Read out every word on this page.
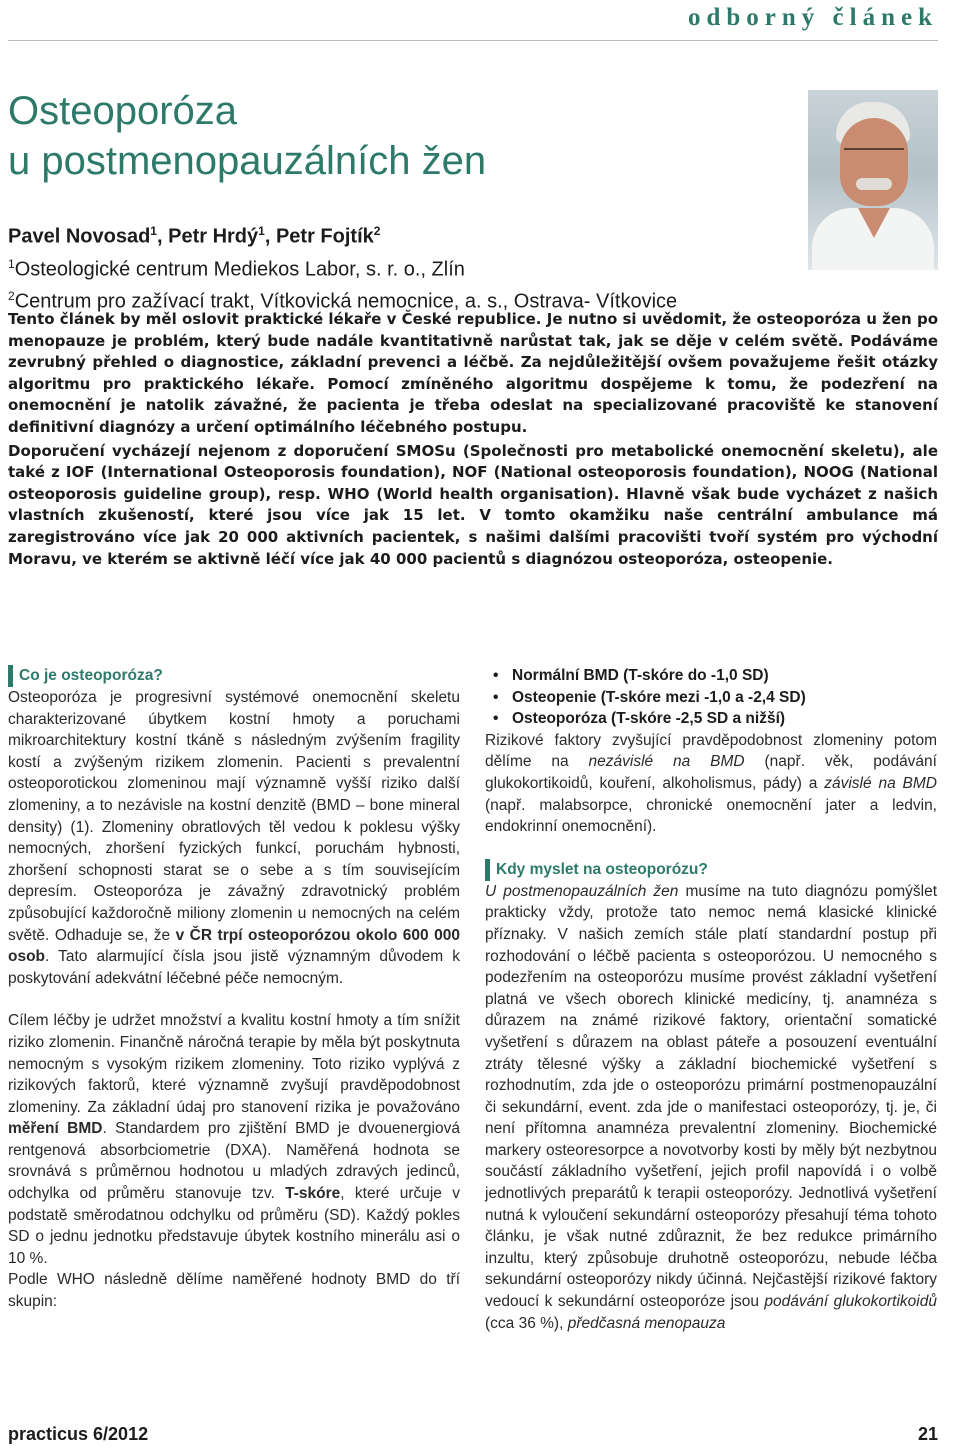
odborný článek
Osteoporóza
u postmenopauzálních žen
Pavel Novosad$^1$, Petr Hrdý$^1$, Petr Fojtík$^2$
$^1$Osteologické centrum Mediekos Labor, s. r. o., Zlín
$^2$Centrum pro zažívací trakt, Vítkovická nemocnice, a. s., Ostrava- Vítkovice

Tento článek by měl oslovit praktické lékaře v České republice. Je nutno si uvědomit, že osteoporóza u žen po menopauze je problém, který bude nadále kvantitativně narůstat tak, jak se děje v celém světě. Podáváme zevrubný přehled o diagnostice, základní prevenci a léčbě. Za nejdůležitější ovšem považujeme řešit otázky algoritmu pro praktického lékaře. Pomocí zmíněného algoritmu dospějeme k tomu, že podezření na onemocnění je natolik závažné, že pacienta je třeba odeslat na specializované pracoviště ke stanovení definitivní diagnózy a určení optimálního léčebného postupu.

Doporučení vycházejí nejenom z doporučení SMOSu (Společnosti pro metabolické onemocnění skeletu), ale také z IOF (International Osteoporosis foundation), NOF (National osteoporosis foundation), NOOG (National osteoporosis guideline group), resp. WHO (World health organisation). Hlavně však bude vycházet z našich vlastních zkušeností, které jsou více jak 15 let. V tomto okamžiku naše centrální ambulance má zaregistrováno více jak 20 000 aktivních pacientek, s našimi dalšími pracovišti tvoří systém pro východní Moravu, ve kterém se aktivně léčí více jak 40 000 pacientů s diagnózou osteoporóza, osteopenie.

Co je osteoporóza?

Osteoporóza je progresivní systémové onemocnění skeletu charakterizované úbytkem kostní hmoty a poruchami mikroarchitektury kostní tkáně s následným zvýšením fragility kostí a zvýšeným rizikem zlomenin. Pacienti s prevalentní osteoporotickou zlomeninou mají významně vyšší riziko další zlomeniny, a to nezávisle na kostní denzitě (BMD – bone mineral density) (1). Zlomeniny obratlových těl vedou k poklesu výšky nemocných, zhoršení fyzických funkcí, poruchám hybnosti, zhoršení schopnosti starat se o sebe a s tím souvisejícím depresím. Osteoporóza je závažný zdravotnický problém způsobující každoročně miliony zlomenin u nemocných na celém světě. Odhaduje se, že v ČR trpí osteoporózou okolo 600 000 osob. Tato alarmující čísla jsou jistě významným důvodem k poskytování adekvátní léčebné péče nemocným.

Cílem léčby je udržet množství a kvalitu kostní hmoty a tím snížit riziko zlomenin. Finančně náročná terapie by měla být poskytnuta nemocným s vysokým rizikem zlomeniny. Toto riziko vyplývá z rizikových faktorů, které významně zvyšují pravděpodobnost zlomeniny. Za základní údaj pro stanovení rizika je považováno měření BMD. Standardem pro zjištění BMD je dvouenergiová rentgenová absorbciometrie (DXA). Naměřená hodnota se srovnává s průměrnou hodnotou u mladých zdravých jedinců, odchylka od průměru stanovuje tzv. T-skóre, které určuje v podstatě směrodatnou odchylku od průměru (SD). Každý pokles SD o jednu jednotku představuje úbytek kostního minerálu asi o 10 %.

Podle WHO následně dělíme naměřené hodnoty BMD do tří skupin:

• Normální BMD (T-skóre do -1,0 SD)
• Osteopenie (T-skóre mezi -1,0 a -2,4 SD)
• Osteoporóza (T-skóre -2,5 SD a nižší)

Rizikové faktory zvyšující pravděpodobnost zlomeniny potom dělíme na nezávislé na BMD (např. věk, podávání glukokortikoidů, kouření, alkoholismus, pády) a závislé na BMD (např. malabsorpce, chronické onemocnění jater a ledvin, endokrinní onemocnění).

Kdy myslet na osteoporózu?

U postmenopauzálních žen musíme na tuto diagnózu pomýšlet prakticky vždy, protože tato nemoc nemá klasické klinické příznaky. V našich zemích stále platí standardní postup při rozhodování o léčbě pacienta s osteoporózou. U nemocného s podezřením na osteoporózu musíme provést základní vyšetření platná ve všech oborech klinické medicíny, tj. anamnéza s důrazem na známé rizikové faktory, orientační somatické vyšetření s důrazem na oblast páteře a posouzení eventuální ztráty tělesné výšky a základní biochemické vyšetření s rozhodnutím, zda jde o osteoporózu primární postmenopauzální či sekundární, event. zda jde o manifestaci osteoporózy, tj. je, či není přítomna anamnéza prevalentní zlomeniny. Biochemické markery osteoresorpce a novotvorby kosti by měly být nezbytnou součástí základního vyšetření, jejich profil napovídá i o volbě jednotlivých preparátů k terapii osteoporózy. Jednotlivá vyšetření nutná k vyloučení sekundární osteoporózy přesahují téma tohoto článku, je však nutné zdůraznit, že bez redukce primárního inzultu, který způsobuje druhotně osteoporózu, nebude léčba sekundární osteoporózy nikdy účinná. Nejčastější rizikové faktory vedoucí k sekundární osteoporóze jsou podávání glukokortikoidů (cca 36 %), předčasná menopauza

practicus 6/2012	21
